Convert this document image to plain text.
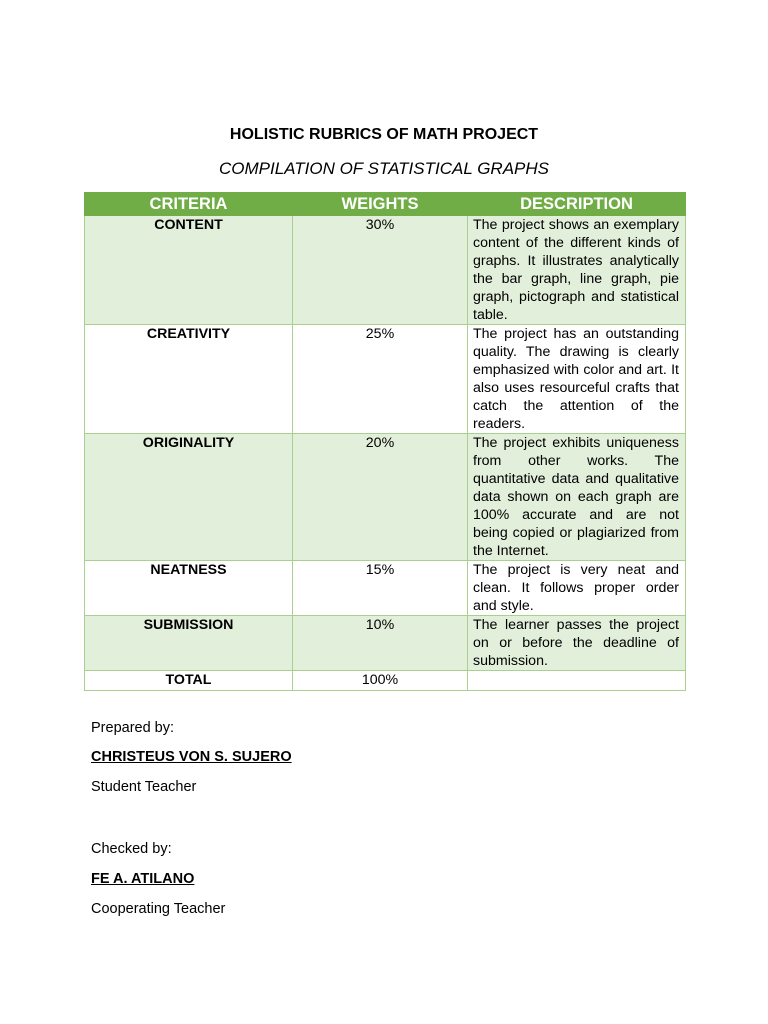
HOLISTIC RUBRICS OF MATH PROJECT
COMPILATION OF STATISTICAL GRAPHS
CRITERIA	WEIGHTS	DESCRIPTION
CONTENT	30%	The project shows an exemplary content of the different kinds of graphs. It illustrates analytically the bar graph, line graph, pie graph, pictograph and statistical table.
CREATIVITY	25%	The project has an outstanding quality. The drawing is clearly emphasized with color and art. It also uses resourceful crafts that catch the attention of the readers.
ORIGINALITY	20%	The project exhibits uniqueness from other works. The quantitative data and qualitative data shown on each graph are 100% accurate and are not being copied or plagiarized from the Internet.
NEATNESS	15%	The project is very neat and clean. It follows proper order and style.
SUBMISSION	10%	The learner passes the project on or before the deadline of submission.
TOTAL	100%	
Prepared by:
CHRISTEUS VON S. SUJERO
Student Teacher
Checked by:
FE A. ATILANO
Cooperating Teacher
